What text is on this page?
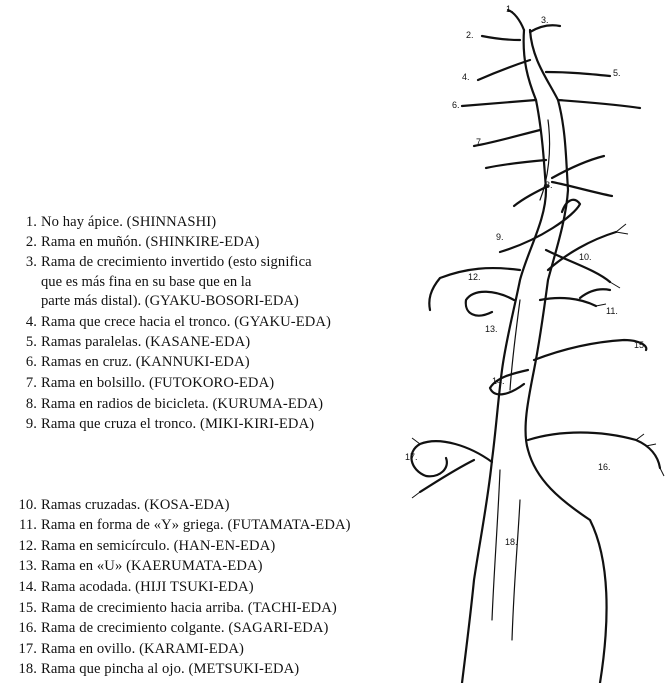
1. No hay ápice. (SHINNASHI)
2. Rama en muñón. (SHINKIRE-EDA)
3. Rama de crecimiento invertido (esto significa
que es más fina en su base que en la
parte más distal). (GYAKU-BOSORI-EDA)
4. Rama que crece hacia el tronco. (GYAKU-EDA)
5. Ramas paralelas. (KASANE-EDA)
6. Ramas en cruz. (KANNUKI-EDA)
7. Rama en bolsillo. (FUTOKORO-EDA)
8. Rama en radios de bicicleta. (KURUMA-EDA)
9. Rama que cruza el tronco. (MIKI-KIRI-EDA)
10. Ramas cruzadas. (KOSA-EDA)
11. Rama en forma de «Y» griega. (FUTAMATA-EDA)
12. Rama en semicírculo. (HAN-EN-EDA)
13. Rama en «U» (KAERUMATA-EDA)
14. Rama acodada. (HIJI TSUKI-EDA)
15. Rama de crecimiento hacia arriba. (TACHI-EDA)
16. Rama de crecimiento colgante. (SAGARI-EDA)
17. Rama en ovillo. (KARAMI-EDA)
18. Rama que pincha al ojo. (METSUKI-EDA)
1.
2.
3.
4.	5.
6.
7.
8.
9.
10.
11.
12.
13.
14.
15.
16.
17.
18.
